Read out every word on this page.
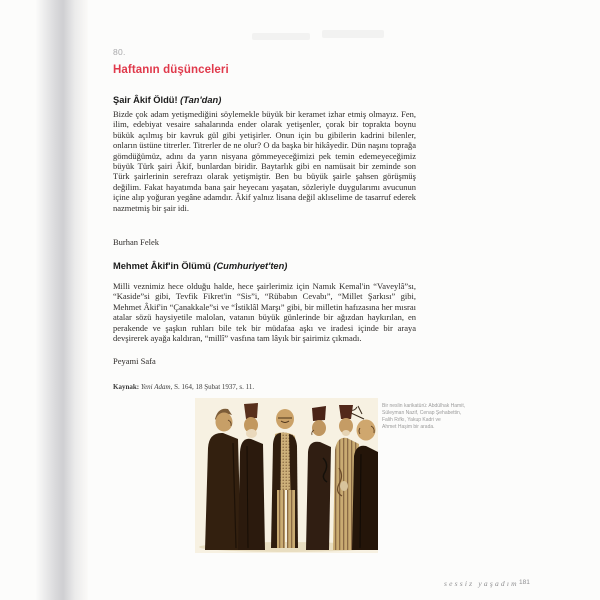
80.
Haftanın düşünceleri
Şair Âkif Öldü! (Tan'dan)
Bizde çok adam yetişmediğini söylemekle büyük bir keramet izhar etmiş olmayız. Fen, ilim, edebiyat vesaire sahalarında ender olarak yetişenler, çorak bir toprakta boynu bükük açılmış bir kavruk gül gibi yetişirler. Onun için bu gibilerin kadrini bilenler, onların üstüne titrerler. Titrerler de ne olur? O da başka bir hikâyedir. Dün naşını toprağa gömdüğümüz, adını da yarın nisyana gömmeyeceğimizi pek temin edemeyeceğimiz büyük Türk şairi Âkif, bunlardan biridir. Baytarlık gibi en namüsait bir zeminde son Türk şairlerinin serefrazı olarak yetişmiştir. Ben bu büyük şairle şahsen görüşmüş değilim. Fakat hayatımda bana şair heyecanı yaşatan, sözleriyle duygularımı avucunun içine alıp yoğuran yegâne adamdır. Âkif yalnız lisana değil aklıselime de tasarruf ederek nazmetmiş bir şair idi.
Burhan Felek
Mehmet Âkif'in Ölümü (Cumhuriyet'ten)
Milli veznimiz hece olduğu halde, hece şairlerimiz için Namık Kemal'in “Vaveylâ”sı, “Kaside”si gibi, Tevfik Fikret'in “Sis”i, “Rübabın Cevabı”, “Millet Şarkısı” gibi, Mehmet Âkif'in “Çanakkale”si ve “İstiklâl Marşı” gibi, bir milletin hafızasına her mısraı atalar sözü haysiyetile malolan, vatanın büyük günlerinde bir ağızdan haykırılan, en perakende ve şaşkın ruhları bile tek bir müdafaa aşkı ve iradesi içinde bir araya devşirerek ayağa kaldıran, “millî” vasfına tam lâyık bir şairimiz çıkmadı.
Peyami Safa
Kaynak: Yeni Adam, S. 164, 18 Şubat 1937, s. 11.
Bir neslin karikatürü: Abdülhak Hamit,
Süleyman Nazif, Cenap Şehabettin,
Falih Rıfkı, Yakup Kadri ve
Ahmet Haşim bir arada.
sessiz yaşadım 181
